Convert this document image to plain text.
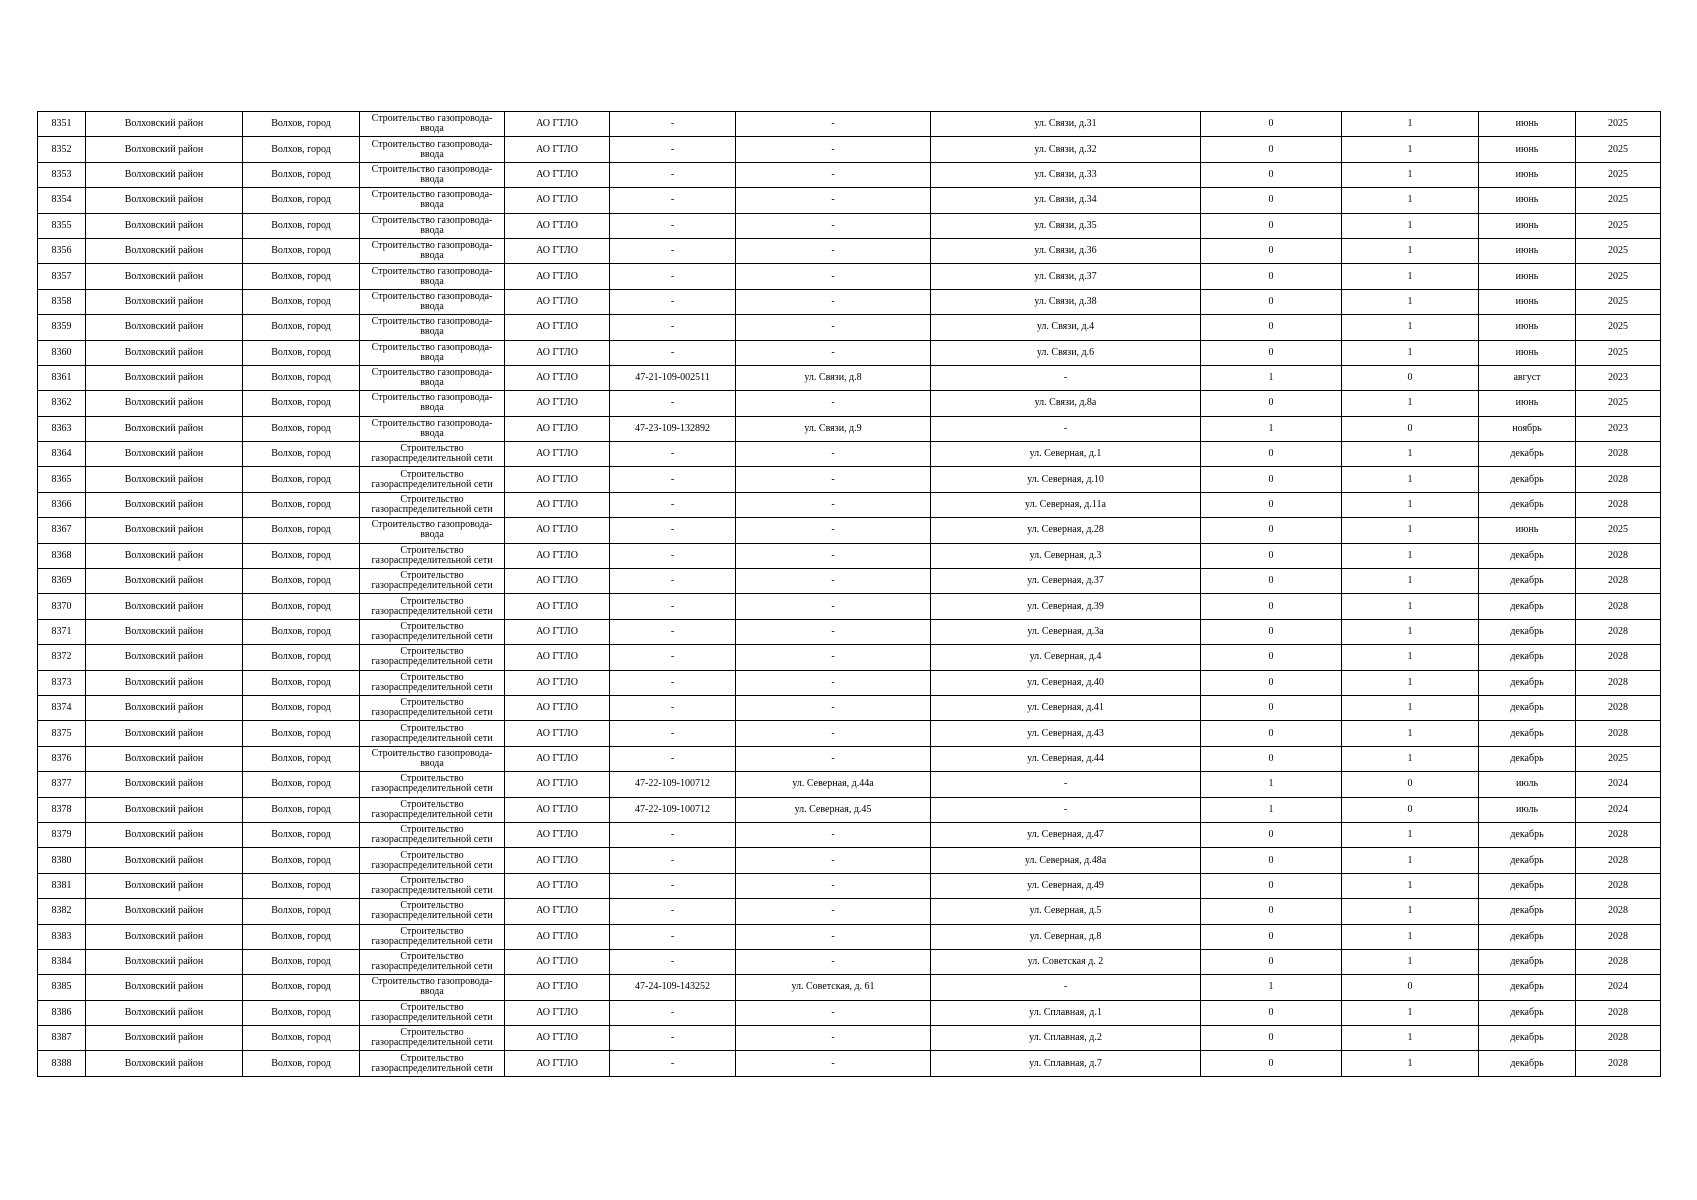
8351	Волховский район	Волхов, город	Строительство газопровода-ввода	АО ГТЛО	-	-	ул. Связи, д.31	0	1	июнь	2025
8352	Волховский район	Волхов, город	Строительство газопровода-ввода	АО ГТЛО	-	-	ул. Связи, д.32	0	1	июнь	2025
8353	Волховский район	Волхов, город	Строительство газопровода-ввода	АО ГТЛО	-	-	ул. Связи, д.33	0	1	июнь	2025
8354	Волховский район	Волхов, город	Строительство газопровода-ввода	АО ГТЛО	-	-	ул. Связи, д.34	0	1	июнь	2025
8355	Волховский район	Волхов, город	Строительство газопровода-ввода	АО ГТЛО	-	-	ул. Связи, д.35	0	1	июнь	2025
8356	Волховский район	Волхов, город	Строительство газопровода-ввода	АО ГТЛО	-	-	ул. Связи, д.36	0	1	июнь	2025
8357	Волховский район	Волхов, город	Строительство газопровода-ввода	АО ГТЛО	-	-	ул. Связи, д.37	0	1	июнь	2025
8358	Волховский район	Волхов, город	Строительство газопровода-ввода	АО ГТЛО	-	-	ул. Связи, д.38	0	1	июнь	2025
8359	Волховский район	Волхов, город	Строительство газопровода-ввода	АО ГТЛО	-	-	ул. Связи, д.4	0	1	июнь	2025
8360	Волховский район	Волхов, город	Строительство газопровода-ввода	АО ГТЛО	-	-	ул. Связи, д.6	0	1	июнь	2025
8361	Волховский район	Волхов, город	Строительство газопровода-ввода	АО ГТЛО	47-21-109-002511	ул. Связи, д.8	-	1	0	август	2023
8362	Волховский район	Волхов, город	Строительство газопровода-ввода	АО ГТЛО	-	-	ул. Связи, д.8а	0	1	июнь	2025
8363	Волховский район	Волхов, город	Строительство газопровода-ввода	АО ГТЛО	47-23-109-132892	ул. Связи, д.9	-	1	0	ноябрь	2023
8364	Волховский район	Волхов, город	Строительство газораспределительной сети	АО ГТЛО	-	-	ул. Северная, д.1	0	1	декабрь	2028
8365	Волховский район	Волхов, город	Строительство газораспределительной сети	АО ГТЛО	-	-	ул. Северная, д.10	0	1	декабрь	2028
8366	Волховский район	Волхов, город	Строительство газораспределительной сети	АО ГТЛО	-	-	ул. Северная, д.11а	0	1	декабрь	2028
8367	Волховский район	Волхов, город	Строительство газопровода-ввода	АО ГТЛО	-	-	ул. Северная, д.28	0	1	июнь	2025
8368	Волховский район	Волхов, город	Строительство газораспределительной сети	АО ГТЛО	-	-	ул. Северная, д.3	0	1	декабрь	2028
8369	Волховский район	Волхов, город	Строительство газораспределительной сети	АО ГТЛО	-	-	ул. Северная, д.37	0	1	декабрь	2028
8370	Волховский район	Волхов, город	Строительство газораспределительной сети	АО ГТЛО	-	-	ул. Северная, д.39	0	1	декабрь	2028
8371	Волховский район	Волхов, город	Строительство газораспределительной сети	АО ГТЛО	-	-	ул. Северная, д.3а	0	1	декабрь	2028
8372	Волховский район	Волхов, город	Строительство газораспределительной сети	АО ГТЛО	-	-	ул. Северная, д.4	0	1	декабрь	2028
8373	Волховский район	Волхов, город	Строительство газораспределительной сети	АО ГТЛО	-	-	ул. Северная, д.40	0	1	декабрь	2028
8374	Волховский район	Волхов, город	Строительство газораспределительной сети	АО ГТЛО	-	-	ул. Северная, д.41	0	1	декабрь	2028
8375	Волховский район	Волхов, город	Строительство газораспределительной сети	АО ГТЛО	-	-	ул. Северная, д.43	0	1	декабрь	2028
8376	Волховский район	Волхов, город	Строительство газопровода-ввода	АО ГТЛО	-	-	ул. Северная, д.44	0	1	декабрь	2025
8377	Волховский район	Волхов, город	Строительство газораспределительной сети	АО ГТЛО	47-22-109-100712	ул. Северная, д.44а	-	1	0	июль	2024
8378	Волховский район	Волхов, город	Строительство газораспределительной сети	АО ГТЛО	47-22-109-100712	ул. Северная, д.45	-	1	0	июль	2024
8379	Волховский район	Волхов, город	Строительство газораспределительной сети	АО ГТЛО	-	-	ул. Северная, д.47	0	1	декабрь	2028
8380	Волховский район	Волхов, город	Строительство газораспределительной сети	АО ГТЛО	-	-	ул. Северная, д.48а	0	1	декабрь	2028
8381	Волховский район	Волхов, город	Строительство газораспределительной сети	АО ГТЛО	-	-	ул. Северная, д.49	0	1	декабрь	2028
8382	Волховский район	Волхов, город	Строительство газораспределительной сети	АО ГТЛО	-	-	ул. Северная, д.5	0	1	декабрь	2028
8383	Волховский район	Волхов, город	Строительство газораспределительной сети	АО ГТЛО	-	-	ул. Северная, д.8	0	1	декабрь	2028
8384	Волховский район	Волхов, город	Строительство газораспределительной сети	АО ГТЛО	-	-	ул. Советская д. 2	0	1	декабрь	2028
8385	Волховский район	Волхов, город	Строительство газопровода-ввода	АО ГТЛО	47-24-109-143252	ул. Советская, д. 61	-	1	0	декабрь	2024
8386	Волховский район	Волхов, город	Строительство газораспределительной сети	АО ГТЛО	-	-	ул. Сплавная, д.1	0	1	декабрь	2028
8387	Волховский район	Волхов, город	Строительство газораспределительной сети	АО ГТЛО	-	-	ул. Сплавная, д.2	0	1	декабрь	2028
8388	Волховский район	Волхов, город	Строительство газораспределительной сети	АО ГТЛО	-	-	ул. Сплавная, д.7	0	1	декабрь	2028
